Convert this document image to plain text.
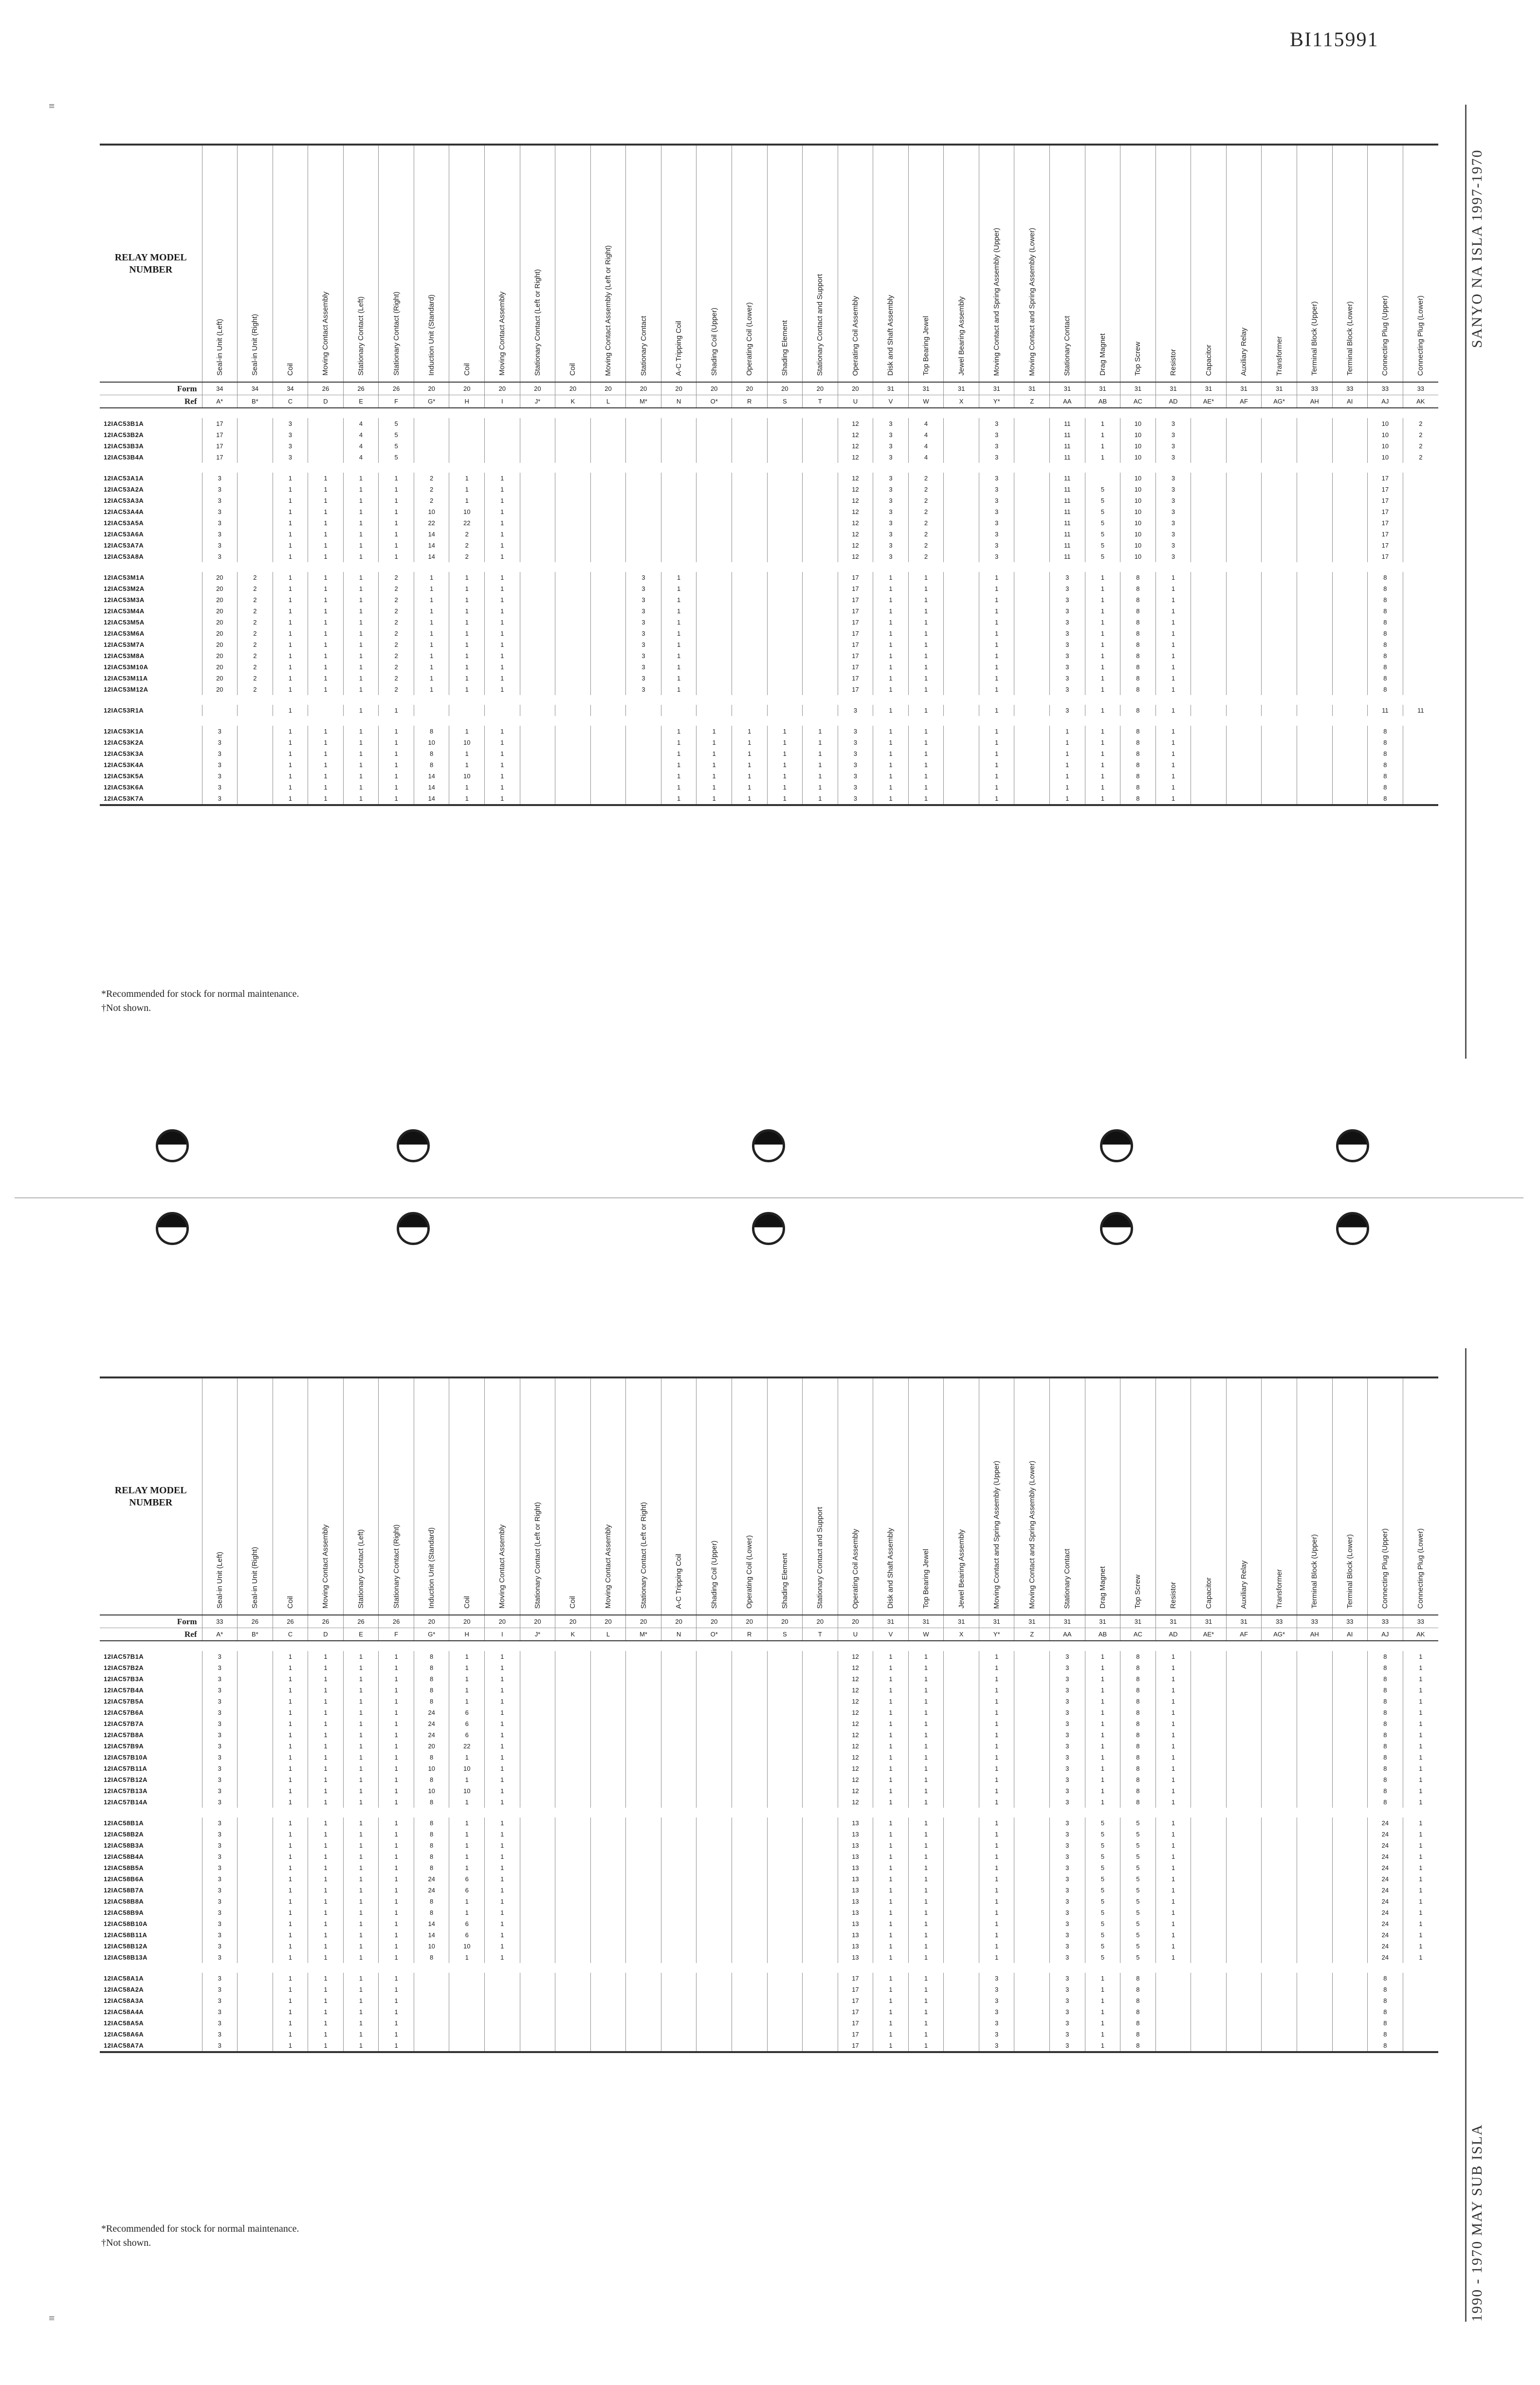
BI115991
≡
≡
SANYO NA ISLA 1997-1970
1990 - 1970 MAY SUB ISLA
RELAY MODEL NUMBER	Seal-in Unit (Left)	Seal-in Unit (Right)	Coil	Moving Contact Assembly	Stationary Contact (Left)	Stationary Contact (Right)	Induction Unit (Standard)	Coil	Moving Contact Assembly	Stationary Contact (Left or Right)	Coil	Moving Contact Assembly (Left or Right)	Stationary Contact	A-C Tripping Coil	Shading Coil (Upper)	Operating Coil (Lower)	Shading Element	Stationary Contact and Support	Operating Coil Assembly	Disk and Shaft Assembly	Top Bearing Jewel	Jewel Bearing Assembly	Moving Contact and Spring Assembly (Upper)	Moving Contact and Spring Assembly (Lower)	Stationary Contact	Drag Magnet	Top Screw	Resistor	Capacitor	Auxiliary Relay	Transformer	Terminal Block (Upper)	Terminal Block (Lower)	Connecting Plug (Upper)	Connecting Plug (Lower)
Form	34	34	34	26	26	26	20	20	20	20	20	20	20	20	20	20	20	20	20	31	31	31	31	31	31	31	31	31	31	31	31	33	33	33	33
Ref	A*	B*	C	D	E	F	G*	H	I	J*	K	L	M*	N	O*	R	S	T	U	V	W	X	Y*	Z	AA	AB	AC	AD	AE*	AF	AG*	AH	AI	AJ	AK

12IAC53B1A	17		3		4	5													12	3	4		3		11	1	10	3						10	2
12IAC53B2A	17		3		4	5													12	3	4		3		11	1	10	3						10	2
12IAC53B3A	17		3		4	5													12	3	4		3		11	1	10	3						10	2
12IAC53B4A	17		3		4	5													12	3	4		3		11	1	10	3						10	2

12IAC53A1A	3		1	1	1	1	2	1	1										12	3	2		3		11		10	3						17	
12IAC53A2A	3		1	1	1	1	2	1	1										12	3	2		3		11	5	10	3						17	
12IAC53A3A	3		1	1	1	1	2	1	1										12	3	2		3		11	5	10	3						17	
12IAC53A4A	3		1	1	1	1	10	10	1										12	3	2		3		11	5	10	3						17	
12IAC53A5A	3		1	1	1	1	22	22	1										12	3	2		3		11	5	10	3						17	
12IAC53A6A	3		1	1	1	1	14	2	1										12	3	2		3		11	5	10	3						17	
12IAC53A7A	3		1	1	1	1	14	2	1										12	3	2		3		11	5	10	3						17	
12IAC53A8A	3		1	1	1	1	14	2	1										12	3	2		3		11	5	10	3						17	

12IAC53M1A	20	2	1	1	1	2	1	1	1				3	1					17	1	1		1		3	1	8	1						8	
12IAC53M2A	20	2	1	1	1	2	1	1	1				3	1					17	1	1		1		3	1	8	1						8	
12IAC53M3A	20	2	1	1	1	2	1	1	1				3	1					17	1	1		1		3	1	8	1						8	
12IAC53M4A	20	2	1	1	1	2	1	1	1				3	1					17	1	1		1		3	1	8	1						8	
12IAC53M5A	20	2	1	1	1	2	1	1	1				3	1					17	1	1		1		3	1	8	1						8	
12IAC53M6A	20	2	1	1	1	2	1	1	1				3	1					17	1	1		1		3	1	8	1						8	
12IAC53M7A	20	2	1	1	1	2	1	1	1				3	1					17	1	1		1		3	1	8	1						8	
12IAC53M8A	20	2	1	1	1	2	1	1	1				3	1					17	1	1		1		3	1	8	1						8	
12IAC53M10A	20	2	1	1	1	2	1	1	1				3	1					17	1	1		1		3	1	8	1						8	
12IAC53M11A	20	2	1	1	1	2	1	1	1				3	1					17	1	1		1		3	1	8	1						8	
12IAC53M12A	20	2	1	1	1	2	1	1	1				3	1					17	1	1		1		3	1	8	1						8	

12IAC53R1A			1		1	1													3	1	1		1		3	1	8	1						11	11

12IAC53K1A	3		1	1	1	1	8	1	1					1	1	1	1	1	3	1	1		1		1	1	8	1						8	
12IAC53K2A	3		1	1	1	1	10	10	1					1	1	1	1	1	3	1	1		1		1	1	8	1						8	
12IAC53K3A	3		1	1	1	1	8	1	1					1	1	1	1	1	3	1	1		1		1	1	8	1						8	
12IAC53K4A	3		1	1	1	1	8	1	1					1	1	1	1	1	3	1	1		1		1	1	8	1						8	
12IAC53K5A	3		1	1	1	1	14	10	1					1	1	1	1	1	3	1	1		1		1	1	8	1						8	
12IAC53K6A	3		1	1	1	1	14	1	1					1	1	1	1	1	3	1	1		1		1	1	8	1						8	
12IAC53K7A	3		1	1	1	1	14	1	1					1	1	1	1	1	3	1	1		1		1	1	8	1						8	
*Recommended for stock for normal maintenance.
†Not shown.
RELAY MODEL NUMBER	Seal-in Unit (Left)	Seal-in Unit (Right)	Coil	Moving Contact Assembly	Stationary Contact (Left)	Stationary Contact (Right)	Induction Unit (Standard)	Coil	Moving Contact Assembly	Stationary Contact (Left or Right)	Coil	Moving Contact Assembly	Stationary Contact (Left or Right)	A-C Tripping Coil	Shading Coil (Upper)	Operating Coil (Lower)	Shading Element	Stationary Contact and Support	Operating Coil Assembly	Disk and Shaft Assembly	Top Bearing Jewel	Jewel Bearing Assembly	Moving Contact and Spring Assembly (Upper)	Moving Contact and Spring Assembly (Lower)	Stationary Contact	Drag Magnet	Top Screw	Resistor	Capacitor	Auxiliary Relay	Transformer	Terminal Block (Upper)	Terminal Block (Lower)	Connecting Plug (Upper)	Connecting Plug (Lower)
Form	33	26	26	26	26	26	20	20	20	20	20	20	20	20	20	20	20	20	20	31	31	31	31	31	31	31	31	31	31	31	33	33	33	33	33
Ref	A*	B*	C	D	E	F	G*	H	I	J*	K	L	M*	N	O*	R	S	T	U	V	W	X	Y*	Z	AA	AB	AC	AD	AE*	AF	AG*	AH	AI	AJ	AK

12IAC57B1A	3		1	1	1	1	8	1	1										12	1	1		1		3	1	8	1						8	1
12IAC57B2A	3		1	1	1	1	8	1	1										12	1	1		1		3	1	8	1						8	1
12IAC57B3A	3		1	1	1	1	8	1	1										12	1	1		1		3	1	8	1						8	1
12IAC57B4A	3		1	1	1	1	8	1	1										12	1	1		1		3	1	8	1						8	1
12IAC57B5A	3		1	1	1	1	8	1	1										12	1	1		1		3	1	8	1						8	1
12IAC57B6A	3		1	1	1	1	24	6	1										12	1	1		1		3	1	8	1						8	1
12IAC57B7A	3		1	1	1	1	24	6	1										12	1	1		1		3	1	8	1						8	1
12IAC57B8A	3		1	1	1	1	24	6	1										12	1	1		1		3	1	8	1						8	1
12IAC57B9A	3		1	1	1	1	20	22	1										12	1	1		1		3	1	8	1						8	1
12IAC57B10A	3		1	1	1	1	8	1	1										12	1	1		1		3	1	8	1						8	1
12IAC57B11A	3		1	1	1	1	10	10	1										12	1	1		1		3	1	8	1						8	1
12IAC57B12A	3		1	1	1	1	8	1	1										12	1	1		1		3	1	8	1						8	1
12IAC57B13A	3		1	1	1	1	10	10	1										12	1	1		1		3	1	8	1						8	1
12IAC57B14A	3		1	1	1	1	8	1	1										12	1	1		1		3	1	8	1						8	1

12IAC58B1A	3		1	1	1	1	8	1	1										13	1	1		1		3	5	5	1						24	1
12IAC58B2A	3		1	1	1	1	8	1	1										13	1	1		1		3	5	5	1						24	1
12IAC58B3A	3		1	1	1	1	8	1	1										13	1	1		1		3	5	5	1						24	1
12IAC58B4A	3		1	1	1	1	8	1	1										13	1	1		1		3	5	5	1						24	1
12IAC58B5A	3		1	1	1	1	8	1	1										13	1	1		1		3	5	5	1						24	1
12IAC58B6A	3		1	1	1	1	24	6	1										13	1	1		1		3	5	5	1						24	1
12IAC58B7A	3		1	1	1	1	24	6	1										13	1	1		1		3	5	5	1						24	1
12IAC58B8A	3		1	1	1	1	8	1	1										13	1	1		1		3	5	5	1						24	1
12IAC58B9A	3		1	1	1	1	8	1	1										13	1	1		1		3	5	5	1						24	1
12IAC58B10A	3		1	1	1	1	14	6	1										13	1	1		1		3	5	5	1						24	1
12IAC58B11A	3		1	1	1	1	14	6	1										13	1	1		1		3	5	5	1						24	1
12IAC58B12A	3		1	1	1	1	10	10	1										13	1	1		1		3	5	5	1						24	1
12IAC58B13A	3		1	1	1	1	8	1	1										13	1	1		1		3	5	5	1						24	1

12IAC58A1A	3		1	1	1	1													17	1	1		3		3	1	8							8	
12IAC58A2A	3		1	1	1	1													17	1	1		3		3	1	8							8	
12IAC58A3A	3		1	1	1	1													17	1	1		3		3	1	8							8	
12IAC58A4A	3		1	1	1	1													17	1	1		3		3	1	8							8	
12IAC58A5A	3		1	1	1	1													17	1	1		3		3	1	8							8	
12IAC58A6A	3		1	1	1	1													17	1	1		3		3	1	8							8	
12IAC58A7A	3		1	1	1	1													17	1	1		3		3	1	8							8	
*Recommended for stock for normal maintenance.
†Not shown.
